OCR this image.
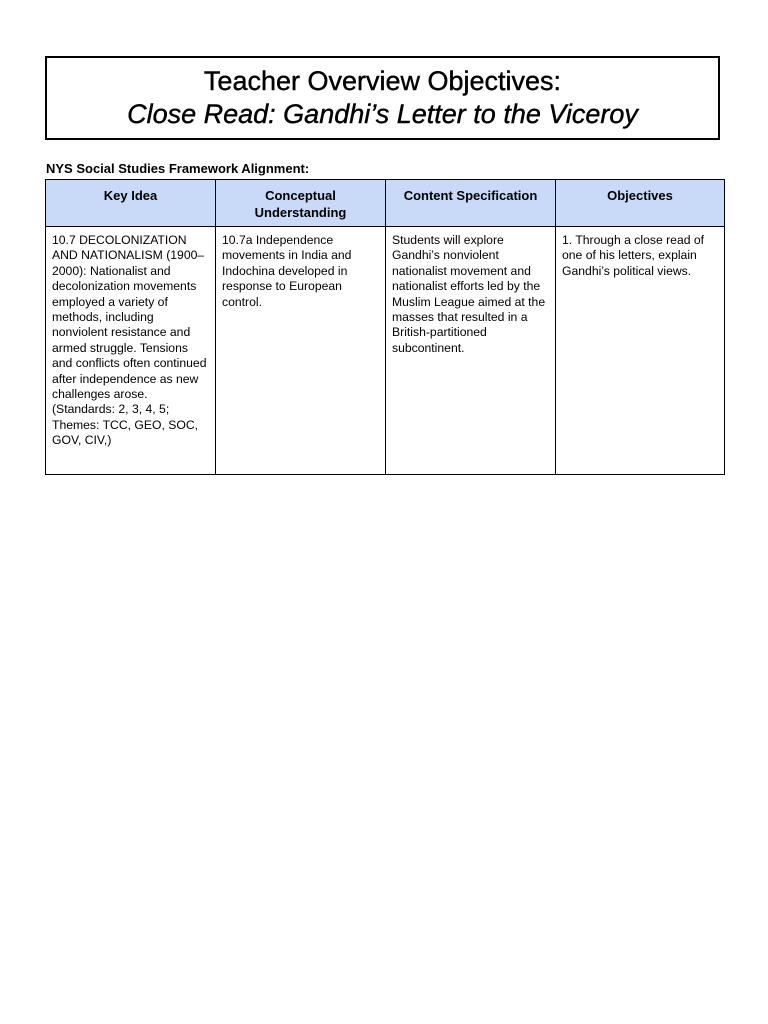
Teacher Overview Objectives:
Close Read: Gandhi’s Letter to the Viceroy
NYS Social Studies Framework Alignment:
Key Idea	Conceptual Understanding	Content Specification	Objectives
10.7 DECOLONIZATION AND NATIONALISM (1900–2000): Nationalist and decolonization movements employed a variety of methods, including nonviolent resistance and armed struggle. Tensions and conflicts often continued after independence as new challenges arose. (Standards: 2, 3, 4, 5; Themes: TCC, GEO, SOC, GOV, CIV,)	10.7a Independence movements in India and Indochina developed in response to European control.	Students will explore Gandhi’s nonviolent nationalist movement and nationalist efforts led by the Muslim League aimed at the masses that resulted in a British-partitioned subcontinent.	1. Through a close read of one of his letters, explain Gandhi’s political views.
